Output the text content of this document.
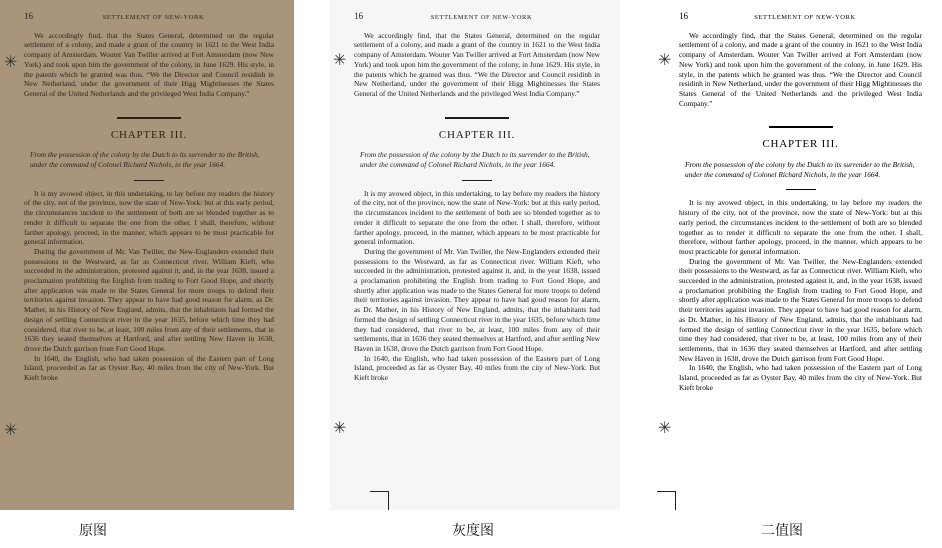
16	SETTLEMENT OF NEW-YORK

We accordingly find, that the States General, determined on the regular settlement of a colony, and made a grant of the country in 1621 to the West India company of Amsterdam. Wouter Van Twiller arrived at Fort Amsterdam (now New York) and took upon him the government of the colony, in June 1629. His style, in the patents which he granted was thus. “We the Director and Council residinh in New Netherland, under the government of their Higg Mightinesses the States General of the United Netherlands and the privileged West India Company.”

CHAPTER III.
From the possession of the colony by the Dutch to its surrender to the British, under the command of Colonel Richard Nichols, in the year 1664.

It is my avowed object, in this undertaking, to lay before my readers the history of the city, not of the province, now the state of New-York: but at this early period, the circumstances incident to the settlement of both are so blended together as to render it difficult to separate the one from the other. I shall, therefore, without farther apology, proceed, in the manner, which appears to be most practicable for general information.

During the government of Mr. Van Twiller, the New-Englanders extended their possessions to the Westward, as far as Connecticut river. William Kieft, who succeeded in the administration, protested against it, and, in the year 1638, issued a proclamation prohibiting the English from trading to Fort Good Hope, and shortly after application was made to the States General for more troops to defend their territories against invasion. They appear to have had good reason for alarm, as Dr. Mather, in his History of New England, admits, that the inhabitants had formed the design of settling Connecticut river in the year 1635, before which time they had considered, that river to be, at least, 100 miles from any of their settlements, that in 1636 they seated themselves at Hartford, and after settling New Haven in 1638, drove the Dutch garrison from Fort Good Hope.

In 1640, the English, who had taken possession of the Eastern part of Long Island, proceeded as far as Oyster Bay, 40 miles from the city of New-York. But Kieft broke

✳
✳
16	SETTLEMENT OF NEW-YORK

We accordingly find, that the States General, determined on the regular settlement of a colony, and made a grant of the country in 1621 to the West India company of Amsterdam. Wouter Van Twiller arrived at Fort Amsterdam (now New York) and took upon him the government of the colony, in June 1629. His style, in the patents which he granted was thus. “We the Director and Council residinh in New Netherland, under the government of their Higg Mightinesses the States General of the United Netherlands and the privileged West India Company.”

CHAPTER III.
From the possession of the colony by the Dutch to its surrender to the British, under the command of Colonel Richard Nichols, in the year 1664.

It is my avowed object, in this undertaking, to lay before my readers the history of the city, not of the province, now the state of New-York: but at this early period, the circumstances incident to the settlement of both are so blended together as to render it difficult to separate the one from the other. I shall, therefore, without farther apology, proceed, in the manner, which appears to be most practicable for general information.

During the government of Mr. Van Twiller, the New-Englanders extended their possessions to the Westward, as far as Connecticut river. William Kieft, who succeeded in the administration, protested against it, and, in the year 1638, issued a proclamation prohibiting the English from trading to Fort Good Hope, and shortly after application was made to the States General for more troops to defend their territories against invasion. They appear to have had good reason for alarm, as Dr. Mather, in his History of New England, admits, that the inhabitants had formed the design of settling Connecticut river in the year 1635, before which time they had considered, that river to be, at least, 100 miles from any of their settlements, that in 1636 they seated themselves at Hartford, and after settling New Haven in 1638, drove the Dutch garrison from Fort Good Hope.

In 1640, the English, who had taken possession of the Eastern part of Long Island, proceeded as far as Oyster Bay, 40 miles from the city of New-York. But Kieft broke

✳
✳
16	SETTLEMENT OF NEW-YORK

We accordingly find, that the States General, determined on the regular settlement of a colony, and made a grant of the country in 1621 to the West India company of Amsterdam. Wouter Van Twiller arrived at Fort Amsterdam (now New York) and took upon him the government of the colony, in June 1629. His style, in the patents which he granted was thus. “We the Director and Council residinh in New Netherland, under the government of their Higg Mightinesses the States General of the United Netherlands and the privileged West India Company.”

CHAPTER III.
From the possession of the colony by the Dutch to its surrender to the British, under the command of Colonel Richard Nichols, in the year 1664.

It is my avowed object, in this undertaking, to lay before my readers the history of the city, not of the province, now the state of New-York: but at this early period, the circumstances incident to the settlement of both are so blended together as to render it difficult to separate the one from the other. I shall, therefore, without farther apology, proceed, in the manner, which appears to be most practicable for general information.

During the government of Mr. Van Twiller, the New-Englanders extended their possessions to the Westward, as far as Connecticut river. William Kieft, who succeeded in the administration, protested against it, and, in the year 1638, issued a proclamation prohibiting the English from trading to Fort Good Hope, and shortly after application was made to the States General for more troops to defend their territories against invasion. They appear to have had good reason for alarm, as Dr. Mather, in his History of New England, admits, that the inhabitants had formed the design of settling Connecticut river in the year 1635, before which time they had considered, that river to be, at least, 100 miles from any of their settlements, that in 1636 they seated themselves at Hartford, and after settling New Haven in 1638, drove the Dutch garrison from Fort Good Hope.

In 1640, the English, who had taken possession of the Eastern part of Long Island, proceeded as far as Oyster Bay, 40 miles from the city of New-York. But Kieft broke

✳
✳
原图	灰度图	二值图
